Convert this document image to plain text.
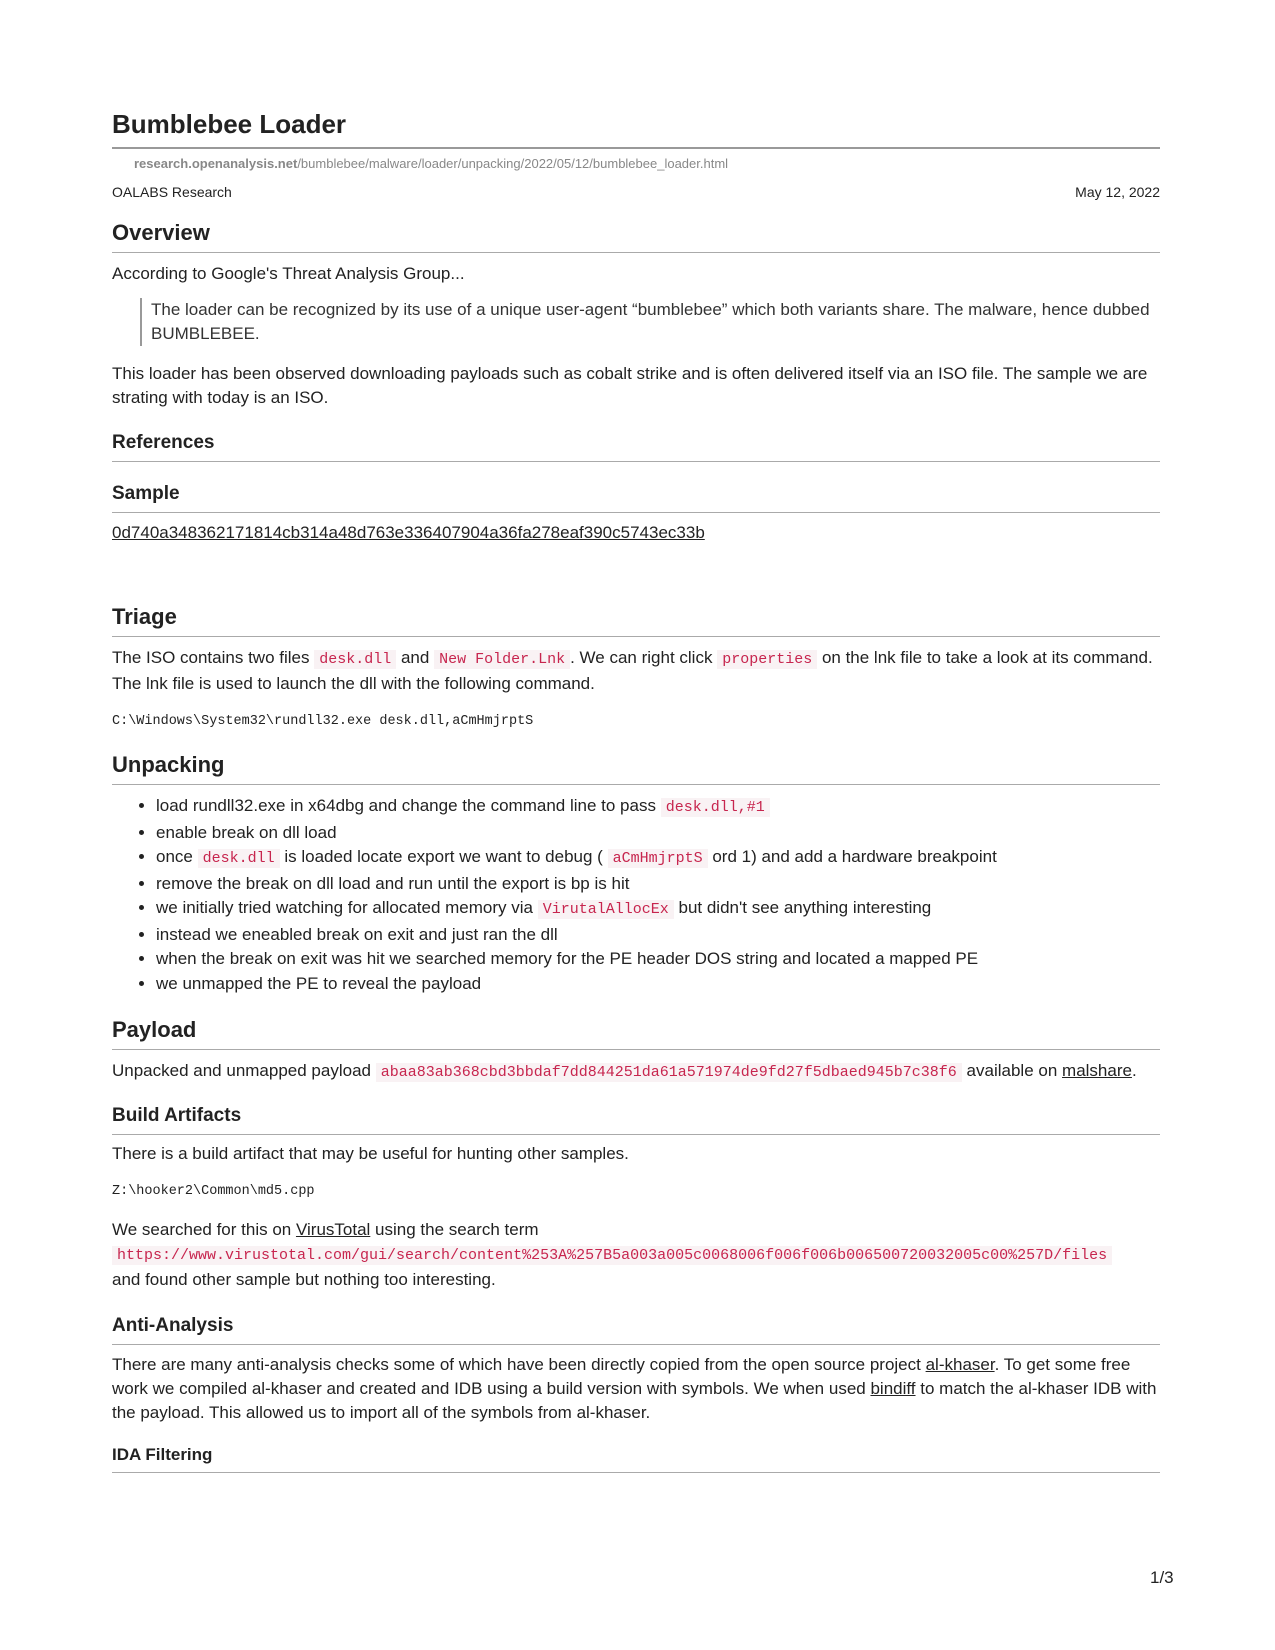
Bumblebee Loader
research.openanalysis.net/bumblebee/malware/loader/unpacking/2022/05/12/bumblebee_loader.html
OALABS Research	May 12, 2022
Overview

According to Google's Threat Analysis Group...

The loader can be recognized by its use of a unique user-agent “bumblebee” which both variants share. The malware, hence dubbed BUMBLEBEE.

This loader has been observed downloading payloads such as cobalt strike and is often delivered itself via an ISO file. The sample we are strating with today is an ISO.

References
Sample

0d740a348362171814cb314a48d763e336407904a36fa278eaf390c5743ec33b

Triage

The ISO contains two files desk.dll and New Folder.Lnk . We can right click properties on the lnk file to take a look at its command. The lnk file is used to launch the dll with the following command.

C:\Windows\System32\rundll32.exe desk.dll,aCmHmjrptS
Unpacking
• load rundll32.exe in x64dbg and change the command line to pass desk.dll,#1
• enable break on dll load
• once desk.dll is loaded locate export we want to debug ( aCmHmjrptS ord 1) and add a hardware breakpoint
• remove the break on dll load and run until the export is bp is hit
• we initially tried watching for allocated memory via VirutalAllocEx but didn't see anything interesting
• instead we eneabled break on exit and just ran the dll
• when the break on exit was hit we searched memory for the PE header DOS string and located a mapped PE
• we unmapped the PE to reveal the payload
Payload

Unpacked and unmapped payload abaa83ab368cbd3bbdaf7dd844251da61a571974de9fd27f5dbaed945b7c38f6 available on malshare.

Build Artifacts

There is a build artifact that may be useful for hunting other samples.

Z:\hooker2\Common\md5.cpp

We searched for this on VirusTotal using the search term
https://www.virustotal.com/gui/search/content%253A%257B5a003a005c0068006f006f006b006500720032005c00%257D/files
and found other sample but nothing too interesting.

Anti-Analysis

There are many anti-analysis checks some of which have been directly copied from the open source project al-khaser. To get some free work we compiled al-khaser and created and IDB using a build version with symbols. We when used bindiff to match the al-khaser IDB with the payload. This allowed us to import all of the symbols from al-khaser.

IDA Filtering
1/3
